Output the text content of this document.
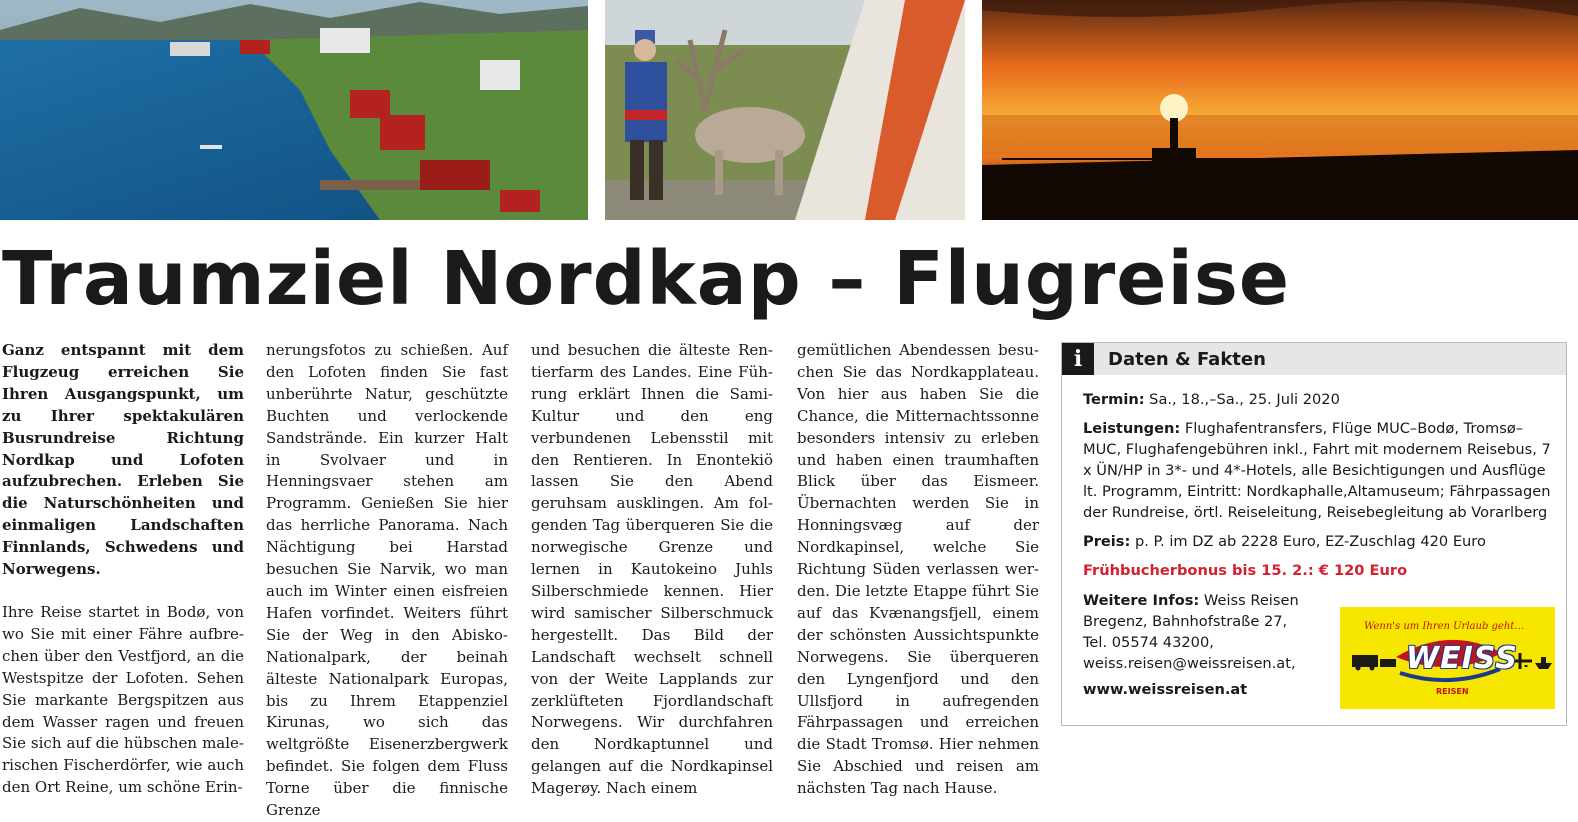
Traumziel Nordkap – Flugreise

Ganz entspannt mit dem Flugzeug erreichen Sie Ihren Ausgangspunkt, um zu Ihrer spektakulären Busrundreise Richtung Nordkap und Lofoten aufzubrechen. Erleben Sie die Naturschönheiten und einmaligen Landschaften Finnlands, Schwedens und Norwegens.

Ihre Reise startet in Bodø, von wo Sie mit einer Fähre aufbrechen über den Vestfjord, an die Westspitze der Lofoten. Sehen Sie markante Bergspitzen aus dem Wasser ragen und freuen Sie sich auf die hübschen malerischen Fischerdörfer, wie auch den Ort Reine, um schöne Erin-

nerungsfotos zu schießen. Auf den Lofoten finden Sie fast unberührte Natur, geschützte Buchten und verlockende Sandstrände. Ein kurzer Halt in Svolvaer und in Henningsvaer stehen am Programm. Genießen Sie hier das herrliche Panorama. Nach Nächtigung bei Harstad besuchen Sie Narvik, wo man auch im Winter einen eisfreien Hafen vorfindet. Weiters führt Sie der Weg in den Abisko-Nationalpark, der beinah älteste Nationalpark Europas, bis zu Ihrem Etappenziel Kirunas, wo sich das weltgrößte Eisenerzbergwerk befindet. Sie folgen dem Fluss Torne über die finnische Grenze

und besuchen die älteste Rentierfarm des Landes. Eine Führung erklärt Ihnen die Sami-Kultur und den eng verbundenen Lebensstil mit den Rentieren. In Enontekiö lassen Sie den Abend geruhsam ausklingen. Am folgenden Tag überqueren Sie die norwegische Grenze und lernen in Kautokeino Juhls Silberschmiede kennen. Hier wird samischer Silberschmuck hergestellt. Das Bild der Landschaft wechselt schnell von der Weite Lapplands zur zerklüfteten Fjordlandschaft Norwegens. Wir durchfahren den Nordkaptunnel und gelangen auf die Nordkapinsel Magerøy. Nach einem

gemütlichen Abendessen besuchen Sie das Nordkapplateau. Von hier aus haben Sie die Chance, die Mitternachtssonne besonders intensiv zu erleben und haben einen traumhaften Blick über das Eismeer. Übernachten werden Sie in Honningsvæg auf der Nordkapinsel, welche Sie Richtung Süden verlassen werden. Die letzte Etappe führt Sie auf das Kvænangsfjell, einem der schönsten Aussichtspunkte Norwegens. Sie überqueren den Lyngenfjord und den Ullsfjord in aufregenden Fährpassagen und erreichen die Stadt Tromsø. Hier nehmen Sie Abschied und reisen am nächsten Tag nach Hause.

i	Daten & Fakten
Termin: Sa., 18.,–Sa., 25. Juli 2020
Leistungen: Flughafentransfers, Flüge MUC–Bodø, Tromsø–MUC, Flughafengebühren inkl., Fahrt mit modernem Reisebus, 7 x ÜN/HP in 3*- und 4*-Hotels, alle Besichtigungen und Ausflüge lt. Programm, Eintritt: Nordkaphalle,Altamuseum; Fährpassagen der Rundreise, örtl. Reiseleitung, Reisebegleitung ab Vorarlberg
Preis: p. P. im DZ ab 2228 Euro, EZ-Zuschlag 420 Euro
Frühbucherbonus bis 15. 2.: € 120 Euro
Weitere Infos: Weiss Reisen
Bregenz, Bahnhofstraße 27,
Tel. 05574 43200,
weiss.reisen@weissreisen.at,
www.weissreisen.at
Wenn's um Ihren Urlaub geht…
WEISS
REISEN
